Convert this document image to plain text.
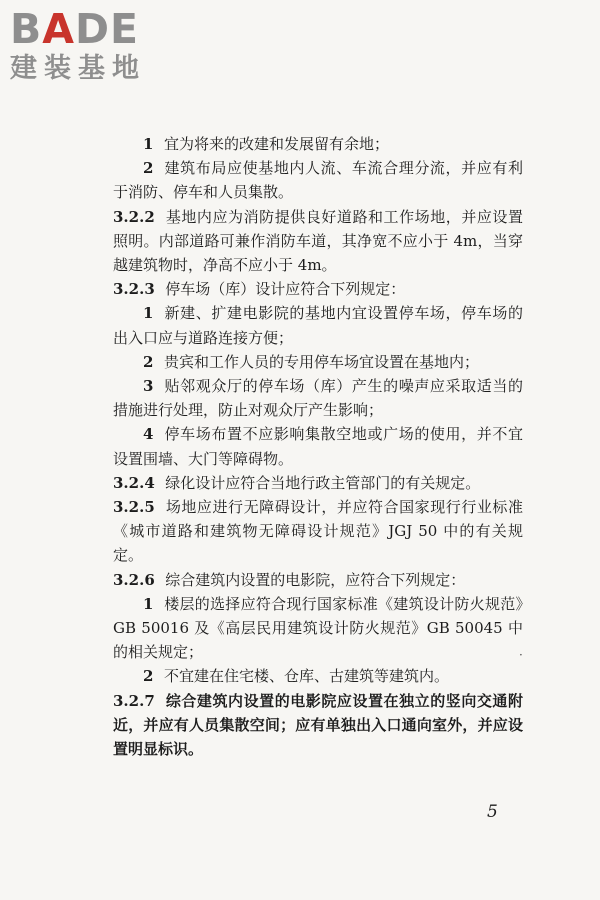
BADE
建装基地

1 宜为将来的改建和发展留有余地；

2 建筑布局应使基地内人流、车流合理分流，并应有利于消防、停车和人员集散。

3.2.2 基地内应为消防提供良好道路和工作场地，并应设置照明。内部道路可兼作消防车道，其净宽不应小于 4m，当穿越建筑物时，净高不应小于 4m。

3.2.3 停车场（库）设计应符合下列规定：

1 新建、扩建电影院的基地内宜设置停车场，停车场的出入口应与道路连接方便；

2 贵宾和工作人员的专用停车场宜设置在基地内；

3 贴邻观众厅的停车场（库）产生的噪声应采取适当的措施进行处理，防止对观众厅产生影响；

4 停车场布置不应影响集散空地或广场的使用，并不宜设置围墙、大门等障碍物。

3.2.4 绿化设计应符合当地行政主管部门的有关规定。

3.2.5 场地应进行无障碍设计，并应符合国家现行行业标准《城市道路和建筑物无障碍设计规范》JGJ 50 中的有关规定。

3.2.6 综合建筑内设置的电影院，应符合下列规定：

1 楼层的选择应符合现行国家标准《建筑设计防火规范》GB 50016 及《高层民用建筑设计防火规范》GB 50045 中的相关规定；

2 不宜建在住宅楼、仓库、古建筑等建筑内。

3.2.7 综合建筑内设置的电影院应设置在独立的竖向交通附近，并应有人员集散空间；应有单独出入口通向室外，并应设置明显标识。

·
5
